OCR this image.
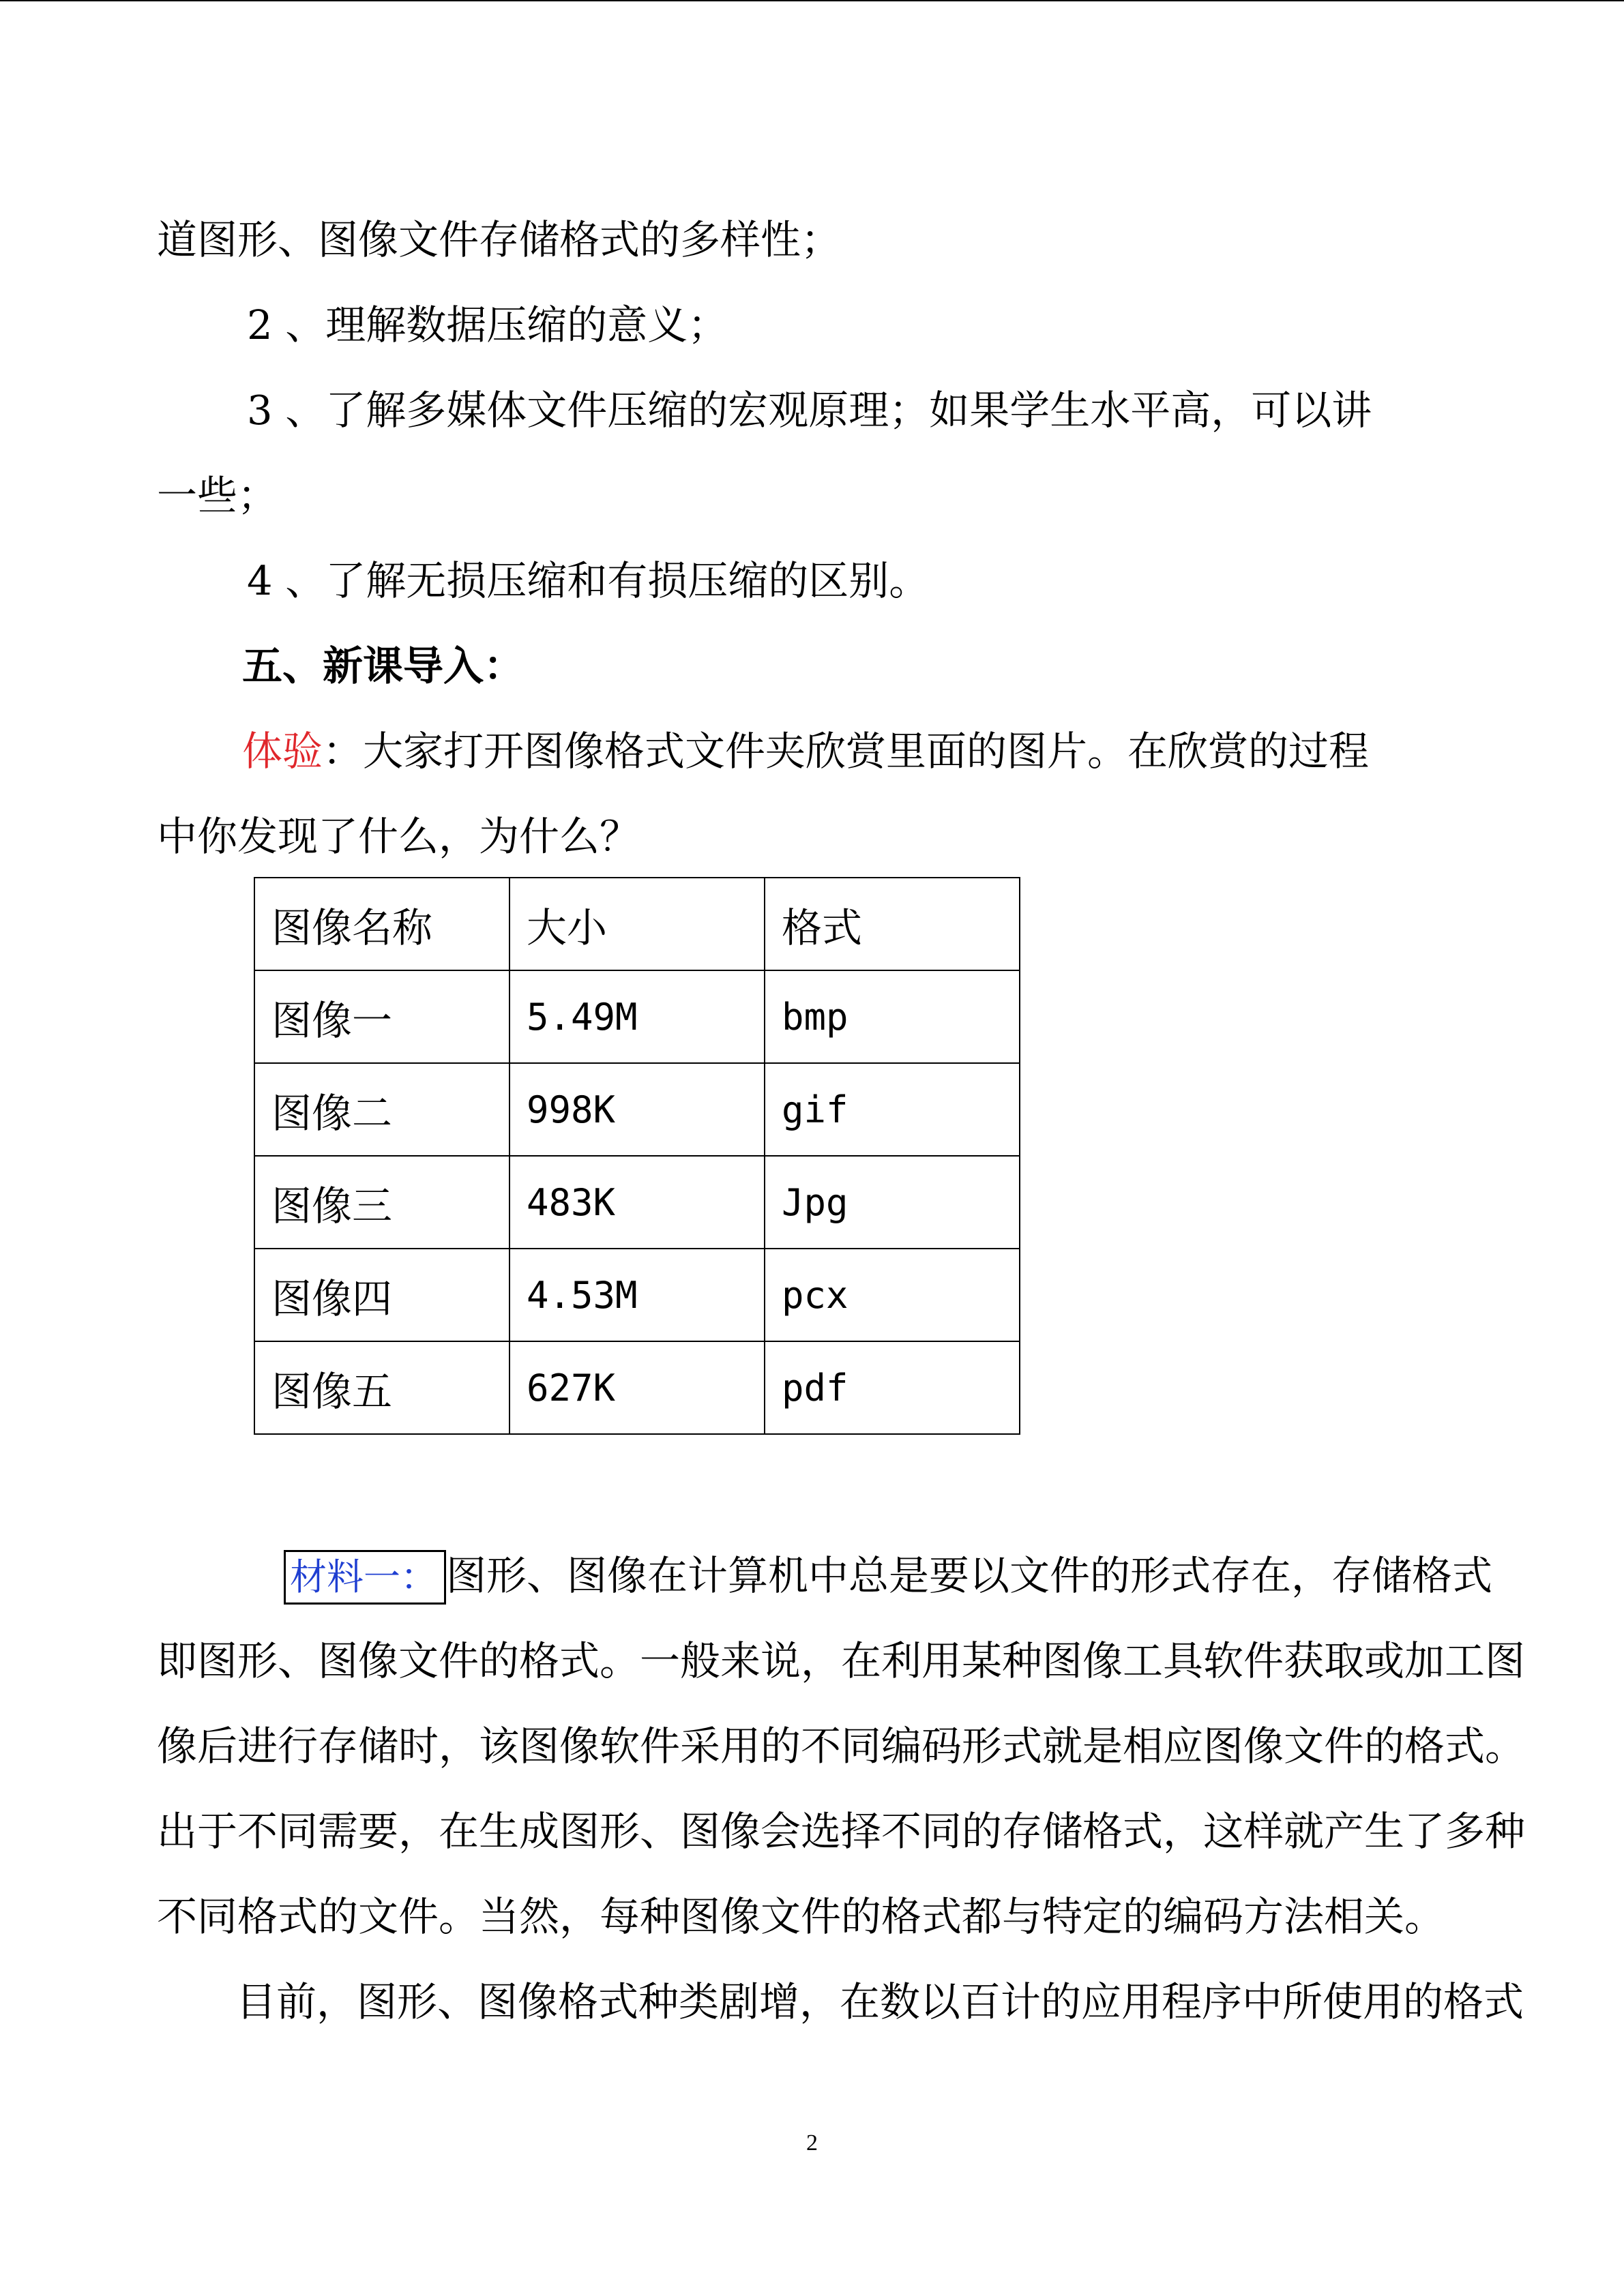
道图形、图像文件存储格式的多样性；
2 、理解数据压缩的意义；
3 、了解多媒体文件压缩的宏观原理；如果学生水平高，可以讲
一些；
4 、了解无损压缩和有损压缩的区别。
五、新课导入：
体验：大家打开图像格式文件夹欣赏里面的图片。在欣赏的过程
中你发现了什么，为什么？
图像名称	大小	格式
图像一	5.49M	bmp
图像二	998K	gif
图像三	483K	Jpg
图像四	4.53M	pcx
图像五	627K	pdf
材料一： 图形、图像在计算机中总是要以文件的形式存在，存储格式
即图形、图像文件的格式。一般来说，在利用某种图像工具软件获取或加工图
像后进行存储时，该图像软件采用的不同编码形式就是相应图像文件的格式。
出于不同需要，在生成图形、图像会选择不同的存储格式，这样就产生了多种
不同格式的文件。当然，每种图像文件的格式都与特定的编码方法相关。
目前，图形、图像格式种类剧增，在数以百计的应用程序中所使用的格式
2
